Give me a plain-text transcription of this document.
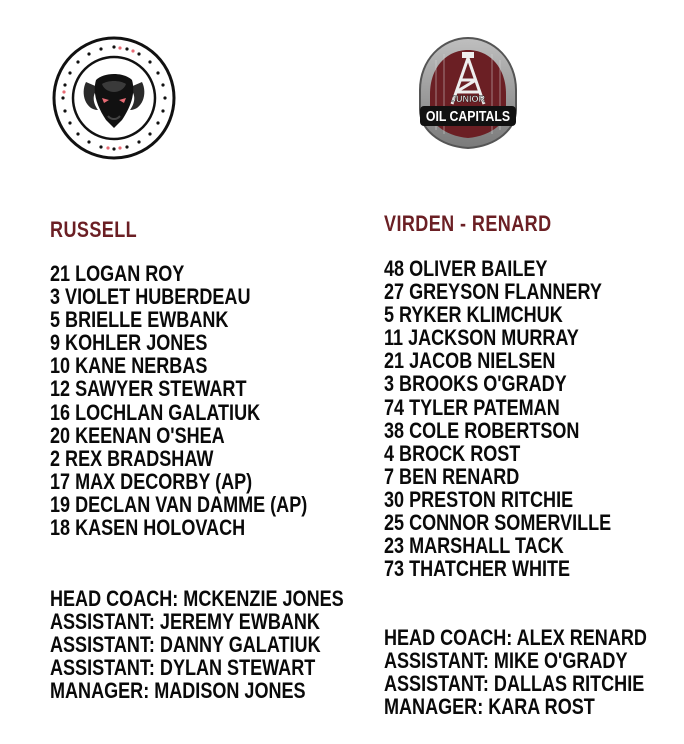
JUNIOR
OIL CAPITALS
RUSSELL
21 LOGAN ROY
3 VIOLET HUBERDEAU
5 BRIELLE EWBANK
9 KOHLER JONES
10 KANE NERBAS
12 SAWYER STEWART
16 LOCHLAN GALATIUK
20 KEENAN O'SHEA
2 REX BRADSHAW
17 MAX DECORBY (AP)
19 DECLAN VAN DAMME (AP)
18 KASEN HOLOVACH
HEAD COACH: MCKENZIE JONES
ASSISTANT: JEREMY EWBANK
ASSISTANT: DANNY GALATIUK
ASSISTANT: DYLAN STEWART
MANAGER: MADISON JONES
VIRDEN - RENARD
48 OLIVER BAILEY
27 GREYSON FLANNERY
5 RYKER KLIMCHUK
11 JACKSON MURRAY
21 JACOB NIELSEN
3 BROOKS O'GRADY
74 TYLER PATEMAN
38 COLE ROBERTSON
4 BROCK ROST
7 BEN RENARD
30 PRESTON RITCHIE
25 CONNOR SOMERVILLE
23 MARSHALL TACK
73 THATCHER WHITE
HEAD COACH: ALEX RENARD
ASSISTANT: MIKE O'GRADY
ASSISTANT: DALLAS RITCHIE
MANAGER: KARA ROST
